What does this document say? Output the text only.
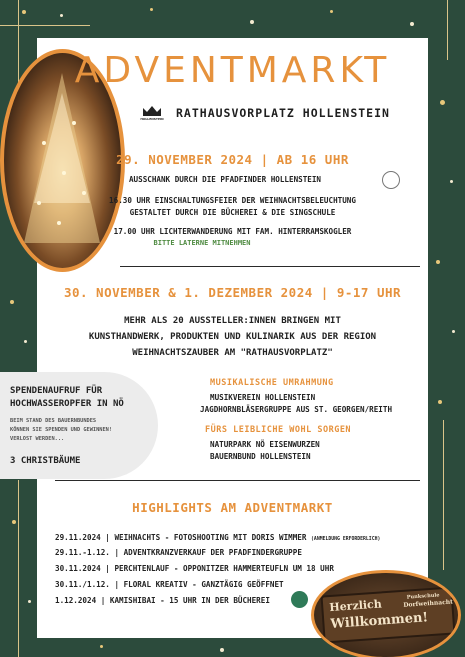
ADVENTMARKT
HOLLENSTEIN RATHAUSVORPLATZ HOLLENSTEIN
29. NOVEMBER 2024 | AB 16 UHR
AUSSCHANK DURCH DIE PFADFINDER HOLLENSTEIN
16.30 UHR EINSCHALTUNGSFEIER DER WEIHNACHTSBELEUCHTUNG
GESTALTET DURCH DIE BÜCHEREI & DIE SINGSCHULE
17.00 UHR LICHTERWANDERUNG MIT FAM. HINTERRAMSKOGLER
BITTE LATERNE MITNEHMEN
30. NOVEMBER & 1. DEZEMBER 2024 | 9-17 UHR
MEHR ALS 20 AUSSTELLER:INNEN BRINGEN MIT
KUNSTHANDWERK, PRODUKTEN UND KULINARIK AUS DER REGION
WEIHNACHTSZAUBER AM "RATHAUSVORPLATZ"
SPENDENAUFRUF FÜR
HOCHWASSEROPFER IN NÖ
BEIM STAND DES BAUERNBUNDES
KÖNNEN SIE SPENDEN UND GEWINNEN!
VERLOST WERDEN...
3 CHRISTBÄUME
MUSIKALISCHE UMRAHMUNG
MUSIKVEREIN HOLLENSTEIN
JAGDHORNBLÄSERGRUPPE AUS ST. GEORGEN/REITH
FÜRS LEIBLICHE WOHL SORGEN
NATURPARK NÖ EISENWURZEN
BAUERNBUND HOLLENSTEIN
HIGHLIGHTS AM ADVENTMARKT
29.11.2024 | WEIHNACHTS - FOTOSHOOTING MIT DORIS WIMMER (ANMELDUNG ERFORDERLICH)
29.11.-1.12. | ADVENTKRANZVERKAUF DER PFADFINDERGRUPPE
30.11.2024 | PERCHTENLAUF - OPPONITZER HAMMERTEUFLN UM 18 UHR
30.11./1.12. | FLORAL KREATIV - GANZTÄGIG GEÖFFNET
1.12.2024 | KAMISHIBAI - 15 UHR IN DER BÜCHEREI	Herzlich
Willkommen!
Punkschule
Dorfweihnacht
